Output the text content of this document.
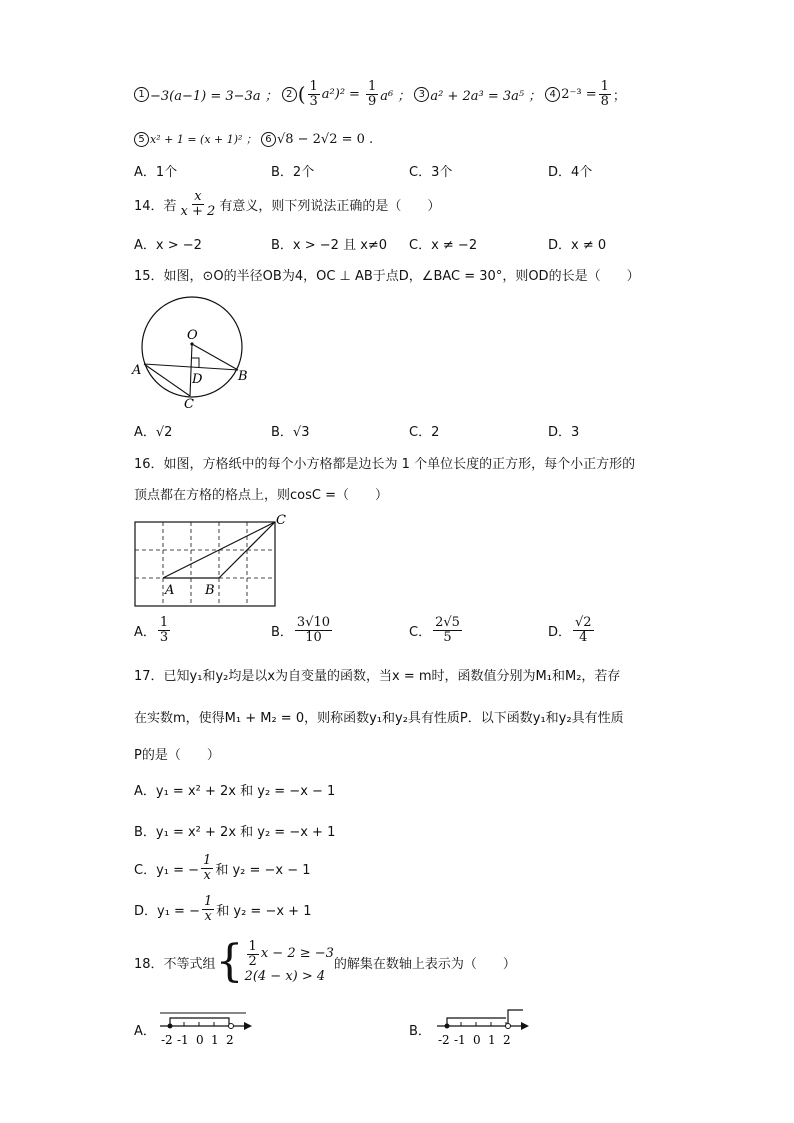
1 −3(a−1) = 3−3a ； 2 ( $\frac{1}{3} a^2)^2 = \frac{1}{9} a^6$ ； 3 a² + 2a³ = 3a⁵ ； 4 $2^{-3} = \frac{1}{8}$ ；
5 x² + 1 = (x + 1)² ； 6 √8 − 2√2 = 0 .
A．1个	B．2个	C．3个	D．4个
14．若 $\frac{x}{x + 2}$ 有意义，则下列说法正确的是（　　）
A．x > −2	B．x > −2 且 x≠0 C．x ≠ −2	D．x ≠ 0
15．如图，⊙O的半径OB为4，OC ⊥ AB于点D，∠BAC = 30°，则OD的长是（　　）
O
A	B
D
C
A．√2	B．√3	C．2	D．3
16．如图，方格纸中的每个小方格都是边长为 1 个单位长度的正方形，每个小正方形的
顶点都在方格的格点上，则cosC =（　　）
A B
C
A． $\frac{1}{3}$	B． $\frac{3√10}{10}$	C． $\frac{2√5}{5}$	D． $\frac{√2}{4}$
17．已知y₁和y₂均是以x为自变量的函数，当x = m时，函数值分别为M₁和M₂，若存
在实数m，使得M₁ + M₂ = 0，则称函数y₁和y₂具有性质P．以下函数y₁和y₂具有性质
P的是（　　）
A．y₁ = x² + 2x 和 y₂ = −x − 1
B．y₁ = x² + 2x 和 y₂ = −x + 1
C．y₁ = − $\frac{1}{x}$ 和 y₂ = −x − 1
D．y₁ = − $\frac{1}{x}$ 和 y₂ = −x + 1
18．不等式组 { $\frac{1}{2}$ x − 2 ≥ −3
2(4 − x) > 4
的解集在数轴上表示为（　　）
A．
-2 -1 0 1 2
B．
-2 -1 0 1 2
